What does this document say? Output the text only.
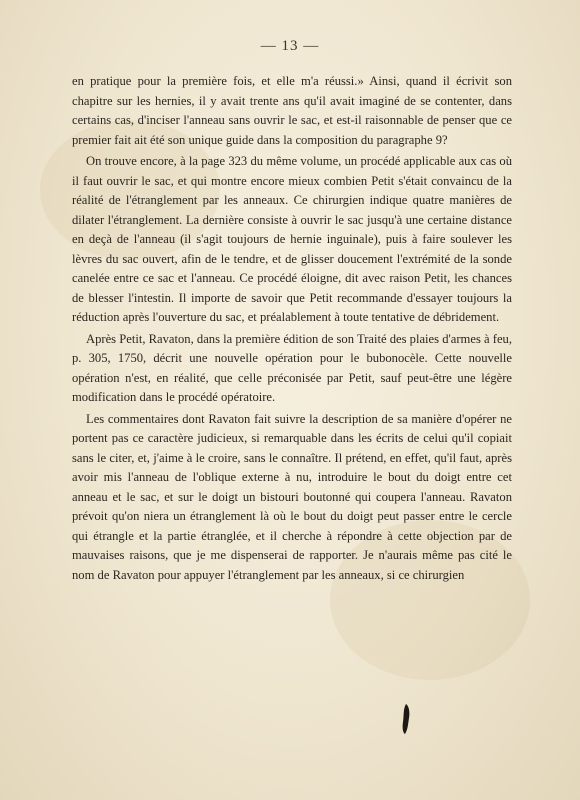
— 13 —

en pratique pour la première fois, et elle m'a réussi.» Ainsi, quand il écrivit son chapitre sur les hernies, il y avait trente ans qu'il avait imaginé de se contenter, dans certains cas, d'inciser l'anneau sans ouvrir le sac, et est-il raisonnable de penser que ce premier fait ait été son unique guide dans la composition du paragraphe 9?

On trouve encore, à la page 323 du même volume, un procédé applicable aux cas où il faut ouvrir le sac, et qui montre encore mieux combien Petit s'était convaincu de la réalité de l'étranglement par les anneaux. Ce chirurgien indique quatre manières de dilater l'étranglement. La dernière consiste à ouvrir le sac jusqu'à une certaine distance en deçà de l'anneau (il s'agit toujours de hernie inguinale), puis à faire soulever les lèvres du sac ouvert, afin de le tendre, et de glisser doucement l'extrémité de la sonde canelée entre ce sac et l'anneau. Ce procédé éloigne, dit avec raison Petit, les chances de blesser l'intestin. Il importe de savoir que Petit recommande d'essayer toujours la réduction après l'ouverture du sac, et préalablement à toute tentative de débridement.

Après Petit, Ravaton, dans la première édition de son Traité des plaies d'armes à feu, p. 305, 1750, décrit une nouvelle opération pour le bubonocèle. Cette nouvelle opération n'est, en réalité, que celle préconisée par Petit, sauf peut-être une légère modification dans le procédé opératoire.

Les commentaires dont Ravaton fait suivre la description de sa manière d'opérer ne portent pas ce caractère judicieux, si remarquable dans les écrits de celui qu'il copiait sans le citer, et, j'aime à le croire, sans le connaître. Il prétend, en effet, qu'il faut, après avoir mis l'anneau de l'oblique externe à nu, introduire le bout du doigt entre cet anneau et le sac, et sur le doigt un bistouri boutonné qui coupera l'anneau. Ravaton prévoit qu'on niera un étranglement là où le bout du doigt peut passer entre le cercle qui étrangle et la partie étranglée, et il cherche à répondre à cette objection par de mauvaises raisons, que je me dispenserai de rapporter. Je n'aurais même pas cité le nom de Ravaton pour appuyer l'étranglement par les anneaux, si ce chirurgien
